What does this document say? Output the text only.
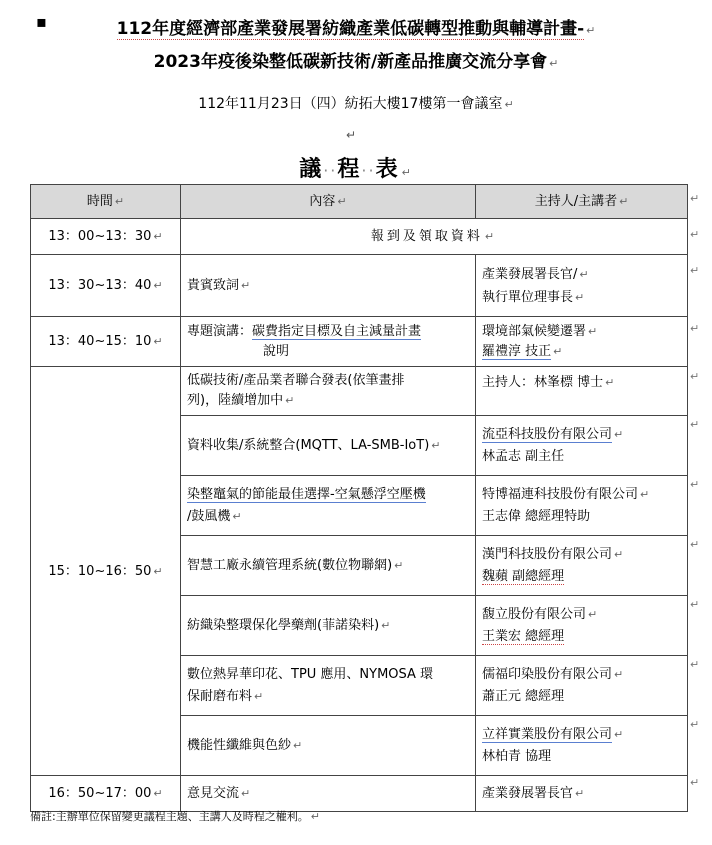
▪	112年度經濟部產業發展署紡織產業低碳轉型推動與輔導計畫- ↵
2023年疫後染整低碳新技術/新產品推廣交流分享會 ↵
112年11月23日（四）紡拓大樓17樓第一會議室 ↵
↵
議··程··表 ↵
時間 ↵	內容 ↵	主持人/主講者 ↵
13：00~13：30 ↵	報到及領取資料 ↵	
13：30~13：40 ↵	貴賓致詞 ↵	產業發展署長官/ ↵
執行單位理事長 ↵

13：40~15：10 ↵	專題演講：碳費指定目標及自主減量計畫
說明	環境部氣候變遷署 ↵
羅禮淳 技正 ↵

15：10~16：50 ↵	低碳技術/產品業者聯合發表(依筆畫排
列)，陸續增加中 ↵	主持人：林峯標 博士 ↵
	資料收集/系統整合(MQTT、LA-SMB-IoT) ↵	流亞科技股份有限公司 ↵
林孟志 副主任

	染整竈氣的節能最佳選擇-空氣懸浮空壓機
/鼓風機 ↵	特博福連科技股份有限公司 ↵
王志偉 總經理特助

	智慧工廠永續管理系統(數位物聯網) ↵	漢門科技股份有限公司 ↵
魏蘋 副總經理

	紡織染整環保化學藥劑(菲諾染料) ↵	馥立股份有限公司 ↵
王業宏 總經理

	數位熱昇華印花、TPU 應用、NYMOSA 環
保耐磨布料 ↵	儒福印染股份有限公司 ↵
蕭正元 總經理

	機能性纖維與色紗 ↵	立祥實業股份有限公司 ↵
林柏青 協理

16：50~17：00 ↵	意見交流 ↵	產業發展署長官 ↵
↵
↵
↵
↵
↵
↵
↵
↵
↵
↵
↵
↵
備註:主辦單位保留變更議程主題、主講人及時程之權利。 ↵
